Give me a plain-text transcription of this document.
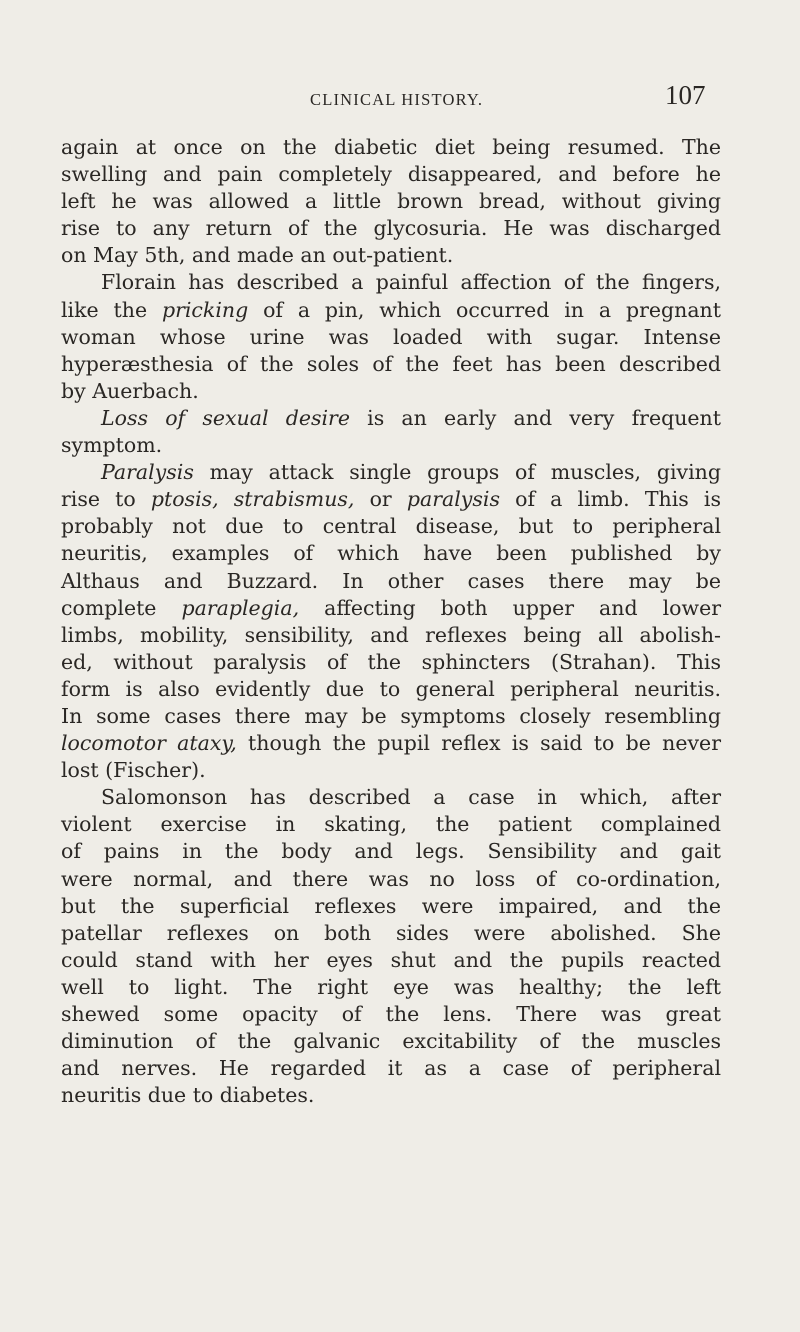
CLINICAL HISTORY.	107
again at once on the diabetic diet being resumed. The
swelling and pain completely disappeared, and before he
left he was allowed a little brown bread, without giving
rise to any return of the glycosuria. He was discharged
on May 5th, and made an out-patient.
Florain has described a painful affection of the fingers,
like the pricking of a pin, which occurred in a pregnant
woman whose urine was loaded with sugar. Intense
hyperæsthesia of the soles of the feet has been described
by Auerbach.
Loss of sexual desire is an early and very frequent
symptom.
Paralysis may attack single groups of muscles, giving
rise to ptosis, strabismus, or paralysis of a limb. This is
probably not due to central disease, but to peripheral
neuritis, examples of which have been published by
Althaus and Buzzard. In other cases there may be
complete paraplegia, affecting both upper and lower
limbs, mobility, sensibility, and reflexes being all abolish-
ed, without paralysis of the sphincters (Strahan). This
form is also evidently due to general peripheral neuritis.
In some cases there may be symptoms closely resembling
locomotor ataxy, though the pupil reflex is said to be never
lost (Fischer).
Salomonson has described a case in which, after
violent exercise in skating, the patient complained
of pains in the body and legs. Sensibility and gait
were normal, and there was no loss of co-ordination,
but the superficial reflexes were impaired, and the
patellar reflexes on both sides were abolished. She
could stand with her eyes shut and the pupils reacted
well to light. The right eye was healthy; the left
shewed some opacity of the lens. There was great
diminution of the galvanic excitability of the muscles
and nerves. He regarded it as a case of peripheral
neuritis due to diabetes.
